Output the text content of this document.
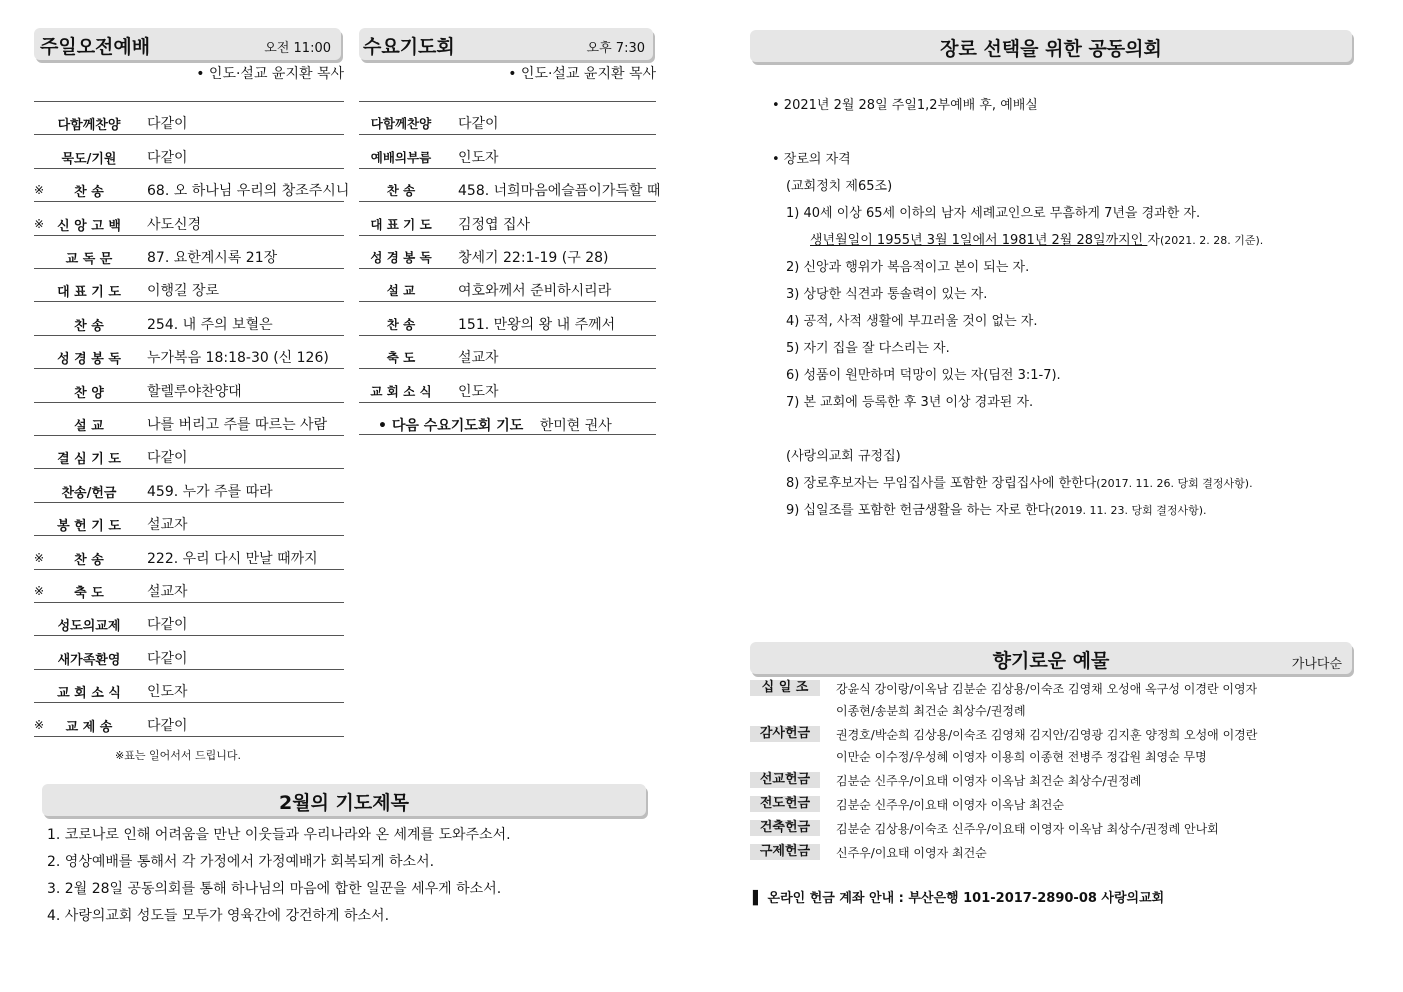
주일오전예배	오전 11:00
• 인도·설교 윤지환 목사
다함께찬양	다같이
묵도/기원	다같이
※	찬 송	68. 오 하나님 우리의 창조주시니
※	신 앙 고 백	사도신경
교 독 문	87. 요한계시록 21장
대 표 기 도	이행길 장로
찬 송	254. 내 주의 보혈은
성 경 봉 독	누가복음 18:18-30 (신 126)
찬 양	할렐루야찬양대
설 교	나를 버리고 주를 따르는 사람
결 심 기 도	다같이
찬송/헌금	459. 누가 주를 따라
봉 헌 기 도	설교자
※	찬 송	222. 우리 다시 만날 때까지
※	축 도	설교자
성도의교제	다같이
새가족환영	다같이
교 회 소 식	인도자
※	교 제 송	다같이
※표는 일어서서 드립니다.
수요기도회	오후 7:30
• 인도·설교 윤지환 목사
다함께찬양	다같이
예배의부름	인도자
찬 송	458. 너희마음에슬픔이가득할 때
대 표 기 도	김정엽 집사
성 경 봉 독	창세기 22:1-19 (구 28)
설 교	여호와께서 준비하시리라
찬 송	151. 만왕의 왕 내 주께서
축 도	설교자
교 회 소 식	인도자
• 다음 수요기도회 기도 한미현 권사
2월의 기도제목
1. 코로나로 인해 어려움을 만난 이웃들과 우리나라와 온 세계를 도와주소서.
2. 영상예배를 통해서 각 가정에서 가정예배가 회복되게 하소서.
3. 2월 28일 공동의회를 통해 하나님의 마음에 합한 일꾼을 세우게 하소서.
4. 사랑의교회 성도들 모두가 영육간에 강건하게 하소서.
장로 선택을 위한 공동의회
• 2021년 2월 28일 주일1,2부예배 후, 예배실
• 장로의 자격
(교회정치 제65조)
1) 40세 이상 65세 이하의 남자 세례교인으로 무흠하게 7년을 경과한 자.
생년월일이 1955년 3월 1일에서 1981년 2월 28일까지인 자(2021. 2. 28. 기준).
2) 신앙과 행위가 복음적이고 본이 되는 자.
3) 상당한 식견과 통솔력이 있는 자.
4) 공적, 사적 생활에 부끄러울 것이 없는 자.
5) 자기 집을 잘 다스리는 자.
6) 성품이 원만하며 덕망이 있는 자(딤전 3:1-7).
7) 본 교회에 등록한 후 3년 이상 경과된 자.
(사랑의교회 규정집)
8) 장로후보자는 무임집사를 포함한 장립집사에 한한다(2017. 11. 26. 당회 결정사항).
9) 십일조를 포함한 헌금생활을 하는 자로 한다(2019. 11. 23. 당회 결정사항).
향기로운 예물	가나다순
십 일 조	강윤식 강이랑/이옥남 김분순 김상용/이숙조 김영채 오성애 옥구성 이경란 이영자
이종현/송분희 최건순 최상수/권정례
감사헌금	권경호/박순희 김상용/이숙조 김영채 김지안/김영광 김지훈 양정희 오성애 이경란
이만순 이수정/우성혜 이영자 이용희 이종현 전병주 정갑원 최영순 무명
선교헌금	김분순 신주우/이요태 이영자 이옥남 최건순 최상수/권정례
전도헌금	김분순 신주우/이요태 이영자 이옥남 최건순
건축헌금	김분순 김상용/이숙조 신주우/이요태 이영자 이옥남 최상수/권정례 안나회
구제헌금	신주우/이요태 이영자 최건순
▌ 온라인 헌금 계좌 안내 : 부산은행 101-2017-2890-08 사랑의교회
